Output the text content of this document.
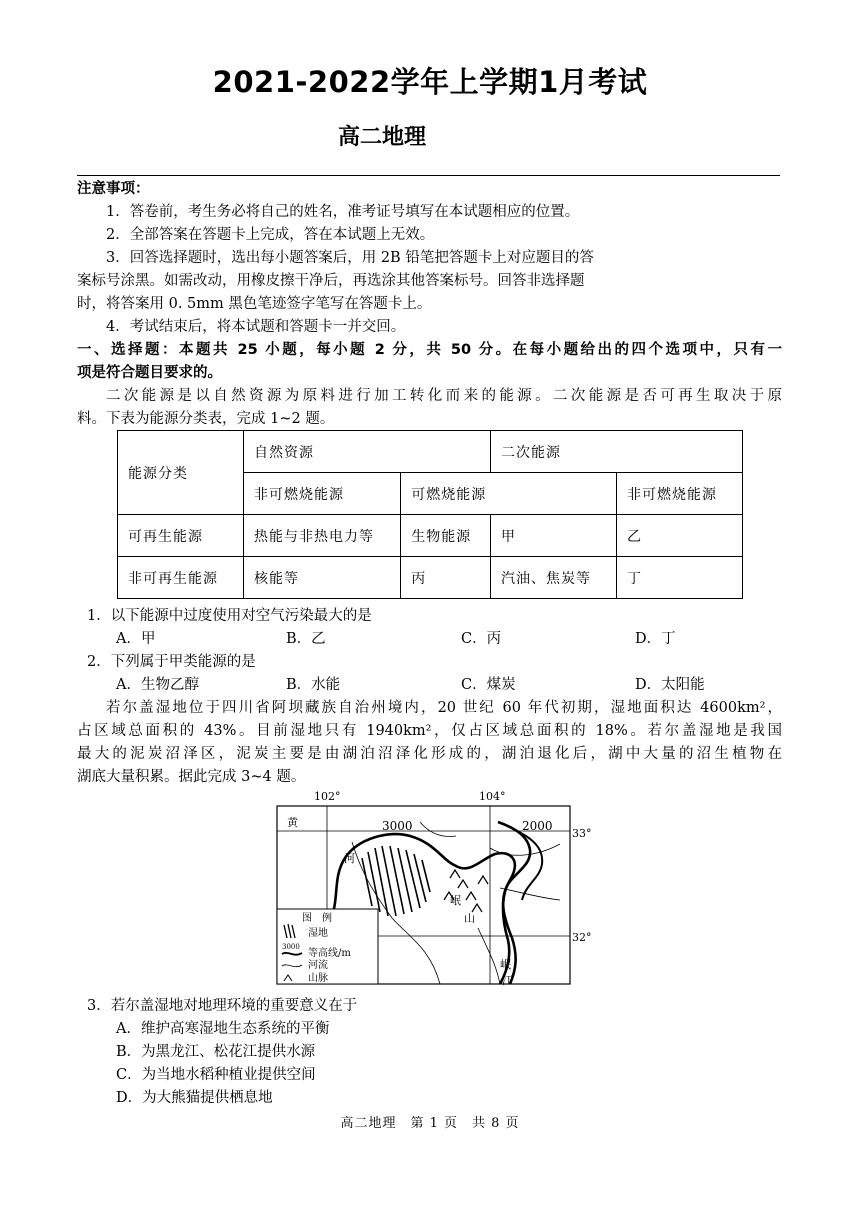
2021-2022学年上学期1月考试
高二地理
注意事项：
1．答卷前，考生务必将自己的姓名，准考证号填写在本试题相应的位置。
2．全部答案在答题卡上完成，答在本试题上无效。
3．回答选择题时，选出每小题答案后，用 2B 铅笔把答题卡上对应题目的答
案标号涂黑。如需改动，用橡皮擦干净后，再选涂其他答案标号。回答非选择题
时，将答案用 0. 5mm 黑色笔迹签字笔写在答题卡上。
4．考试结束后，将本试题和答题卡一并交回。
一、选择题：本题共 25 小题，每小题 2 分，共 50 分。在每小题给出的四个选项中，只有一
项是符合题目要求的。
二次能源是以自然资源为原料进行加工转化而来的能源。二次能源是否可再生取决于原
料。下表为能源分类表，完成 1~2 题。
能源分类	自然资源		二次能源	
	非可燃烧能源	可燃烧能源		非可燃烧能源
可再生能源	热能与非热电力等	生物能源	甲	乙
非可再生能源	核能等	丙	汽油、焦炭等	丁
1．以下能源中过度使用对空气污染最大的是
A．甲	B．乙	C．丙	D．丁
2．下列属于甲类能源的是
A．生物乙醇	B．水能	C．煤炭	D．太阳能
若尔盖湿地位于四川省阿坝藏族自治州境内，20 世纪 60 年代初期，湿地面积达 4600km²，
占区域总面积的 43%。目前湿地只有 1940km²，仅占区域总面积的 18%。若尔盖湿地是我国
最大的泥炭沼泽区，泥炭主要是由湖泊沼泽化形成的，湖泊退化后，湖中大量的沼生植物在
湖底大量积累。据此完成 3~4 题。
102°	104°
33°
32°
黄
河
3000	2000
岷
山
岷
江
图　例
湿地
3000
等高线/m
河流
山脉
3．若尔盖湿地对地理环境的重要意义在于
A．维护高寒湿地生态系统的平衡
B．为黑龙江、松花江提供水源
C．为当地水稻种植业提供空间
D．为大熊猫提供栖息地
高二地理　第 1 页　共 8 页
